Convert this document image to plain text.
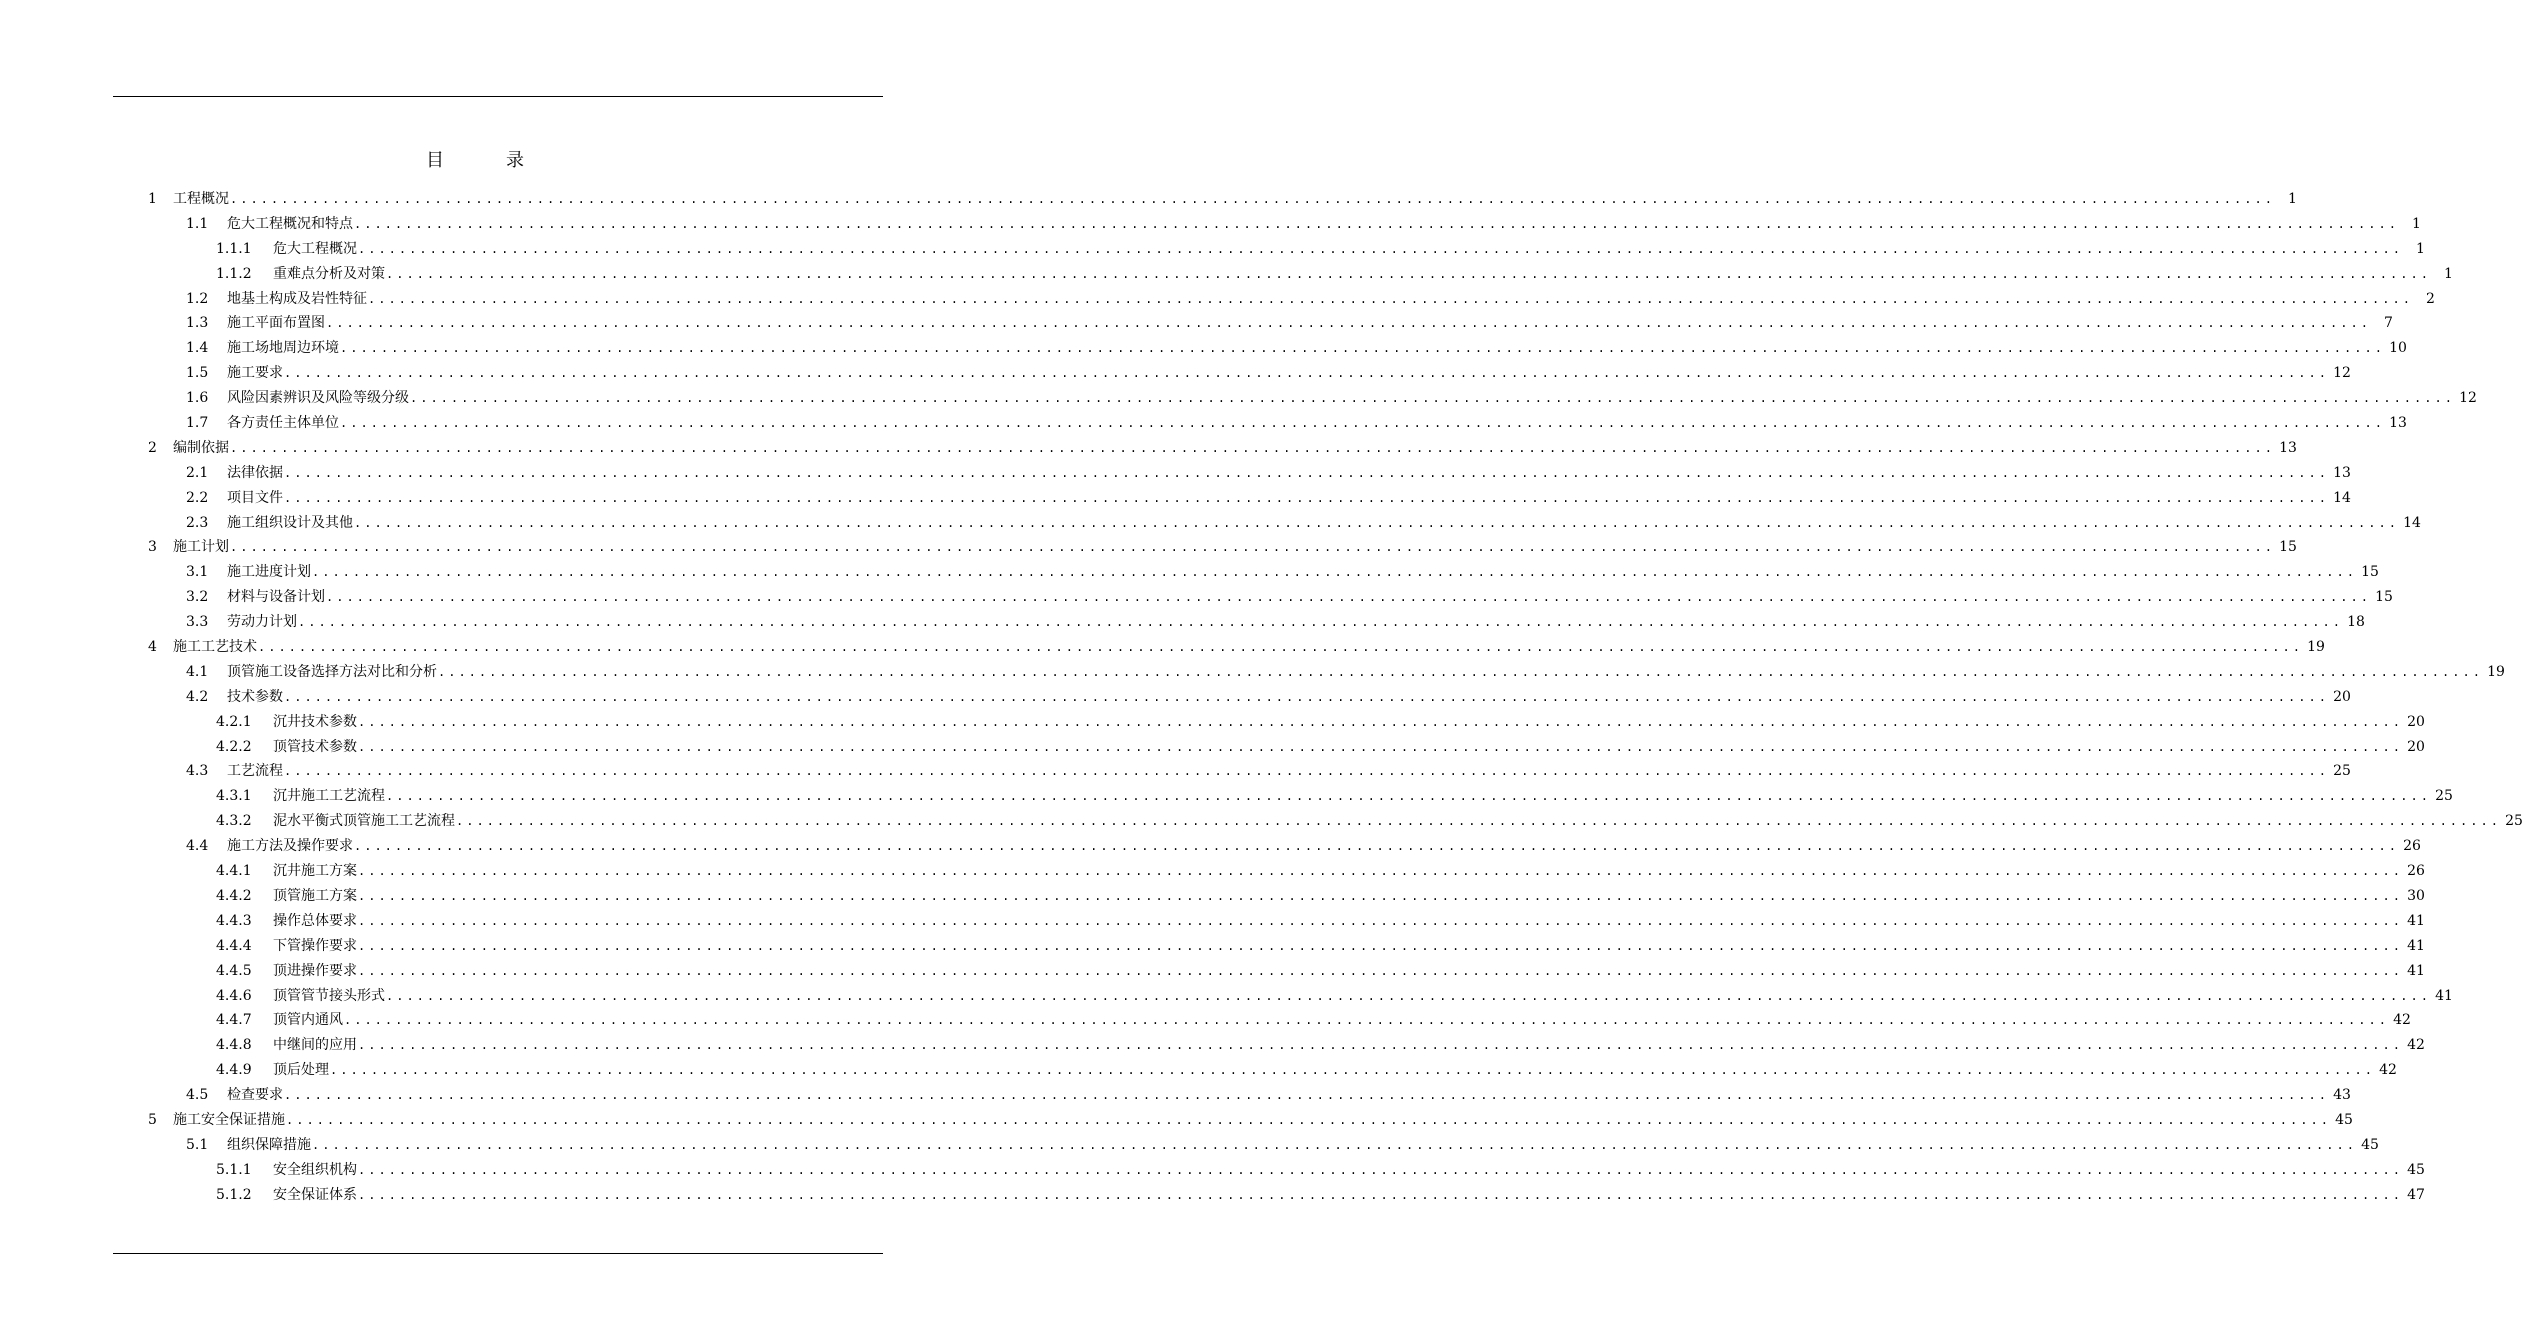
目　录
1	工程概况 ........................................................................................................................................................................................................ 1
1.1	危大工程概况和特点 ........................................................................................................................................................................................................ 1
1.1.1	危大工程概况 ........................................................................................................................................................................................................ 1
1.1.2	重难点分析及对策 ........................................................................................................................................................................................................ 1
1.2	地基土构成及岩性特征 ........................................................................................................................................................................................................ 2
1.3	施工平面布置图 ........................................................................................................................................................................................................ 7
1.4	施工场地周边环境 ........................................................................................................................................................................................................ 10
1.5	施工要求 ........................................................................................................................................................................................................ 12
1.6	风险因素辨识及风险等级分级 ........................................................................................................................................................................................................ 12
1.7	各方责任主体单位 ........................................................................................................................................................................................................ 13
2	编制依据 ........................................................................................................................................................................................................ 13
2.1	法律依据 ........................................................................................................................................................................................................ 13
2.2	项目文件 ........................................................................................................................................................................................................ 14
2.3	施工组织设计及其他 ........................................................................................................................................................................................................ 14
3	施工计划 ........................................................................................................................................................................................................ 15
3.1	施工进度计划 ........................................................................................................................................................................................................ 15
3.2	材料与设备计划 ........................................................................................................................................................................................................ 15
3.3	劳动力计划 ........................................................................................................................................................................................................ 18
4	施工工艺技术 ........................................................................................................................................................................................................ 19
4.1	顶管施工设备选择方法对比和分析 ........................................................................................................................................................................................................ 19
4.2	技术参数 ........................................................................................................................................................................................................ 20
4.2.1	沉井技术参数 ........................................................................................................................................................................................................ 20
4.2.2	顶管技术参数 ........................................................................................................................................................................................................ 20
4.3	工艺流程 ........................................................................................................................................................................................................ 25
4.3.1	沉井施工工艺流程 ........................................................................................................................................................................................................ 25
4.3.2	泥水平衡式顶管施工工艺流程 ........................................................................................................................................................................................................ 25
4.4	施工方法及操作要求 ........................................................................................................................................................................................................ 26
4.4.1	沉井施工方案 ........................................................................................................................................................................................................ 26
4.4.2	顶管施工方案 ........................................................................................................................................................................................................ 30
4.4.3	操作总体要求 ........................................................................................................................................................................................................ 41
4.4.4	下管操作要求 ........................................................................................................................................................................................................ 41
4.4.5	顶进操作要求 ........................................................................................................................................................................................................ 41
4.4.6	顶管管节接头形式 ........................................................................................................................................................................................................ 41
4.4.7	顶管内通风 ........................................................................................................................................................................................................ 42
4.4.8	中继间的应用 ........................................................................................................................................................................................................ 42
4.4.9	顶后处理 ........................................................................................................................................................................................................ 42
4.5	检查要求 ........................................................................................................................................................................................................ 43
5	施工安全保证措施 ........................................................................................................................................................................................................ 45
5.1	组织保障措施 ........................................................................................................................................................................................................ 45
5.1.1	安全组织机构 ........................................................................................................................................................................................................ 45
5.1.2	安全保证体系 ........................................................................................................................................................................................................ 47
